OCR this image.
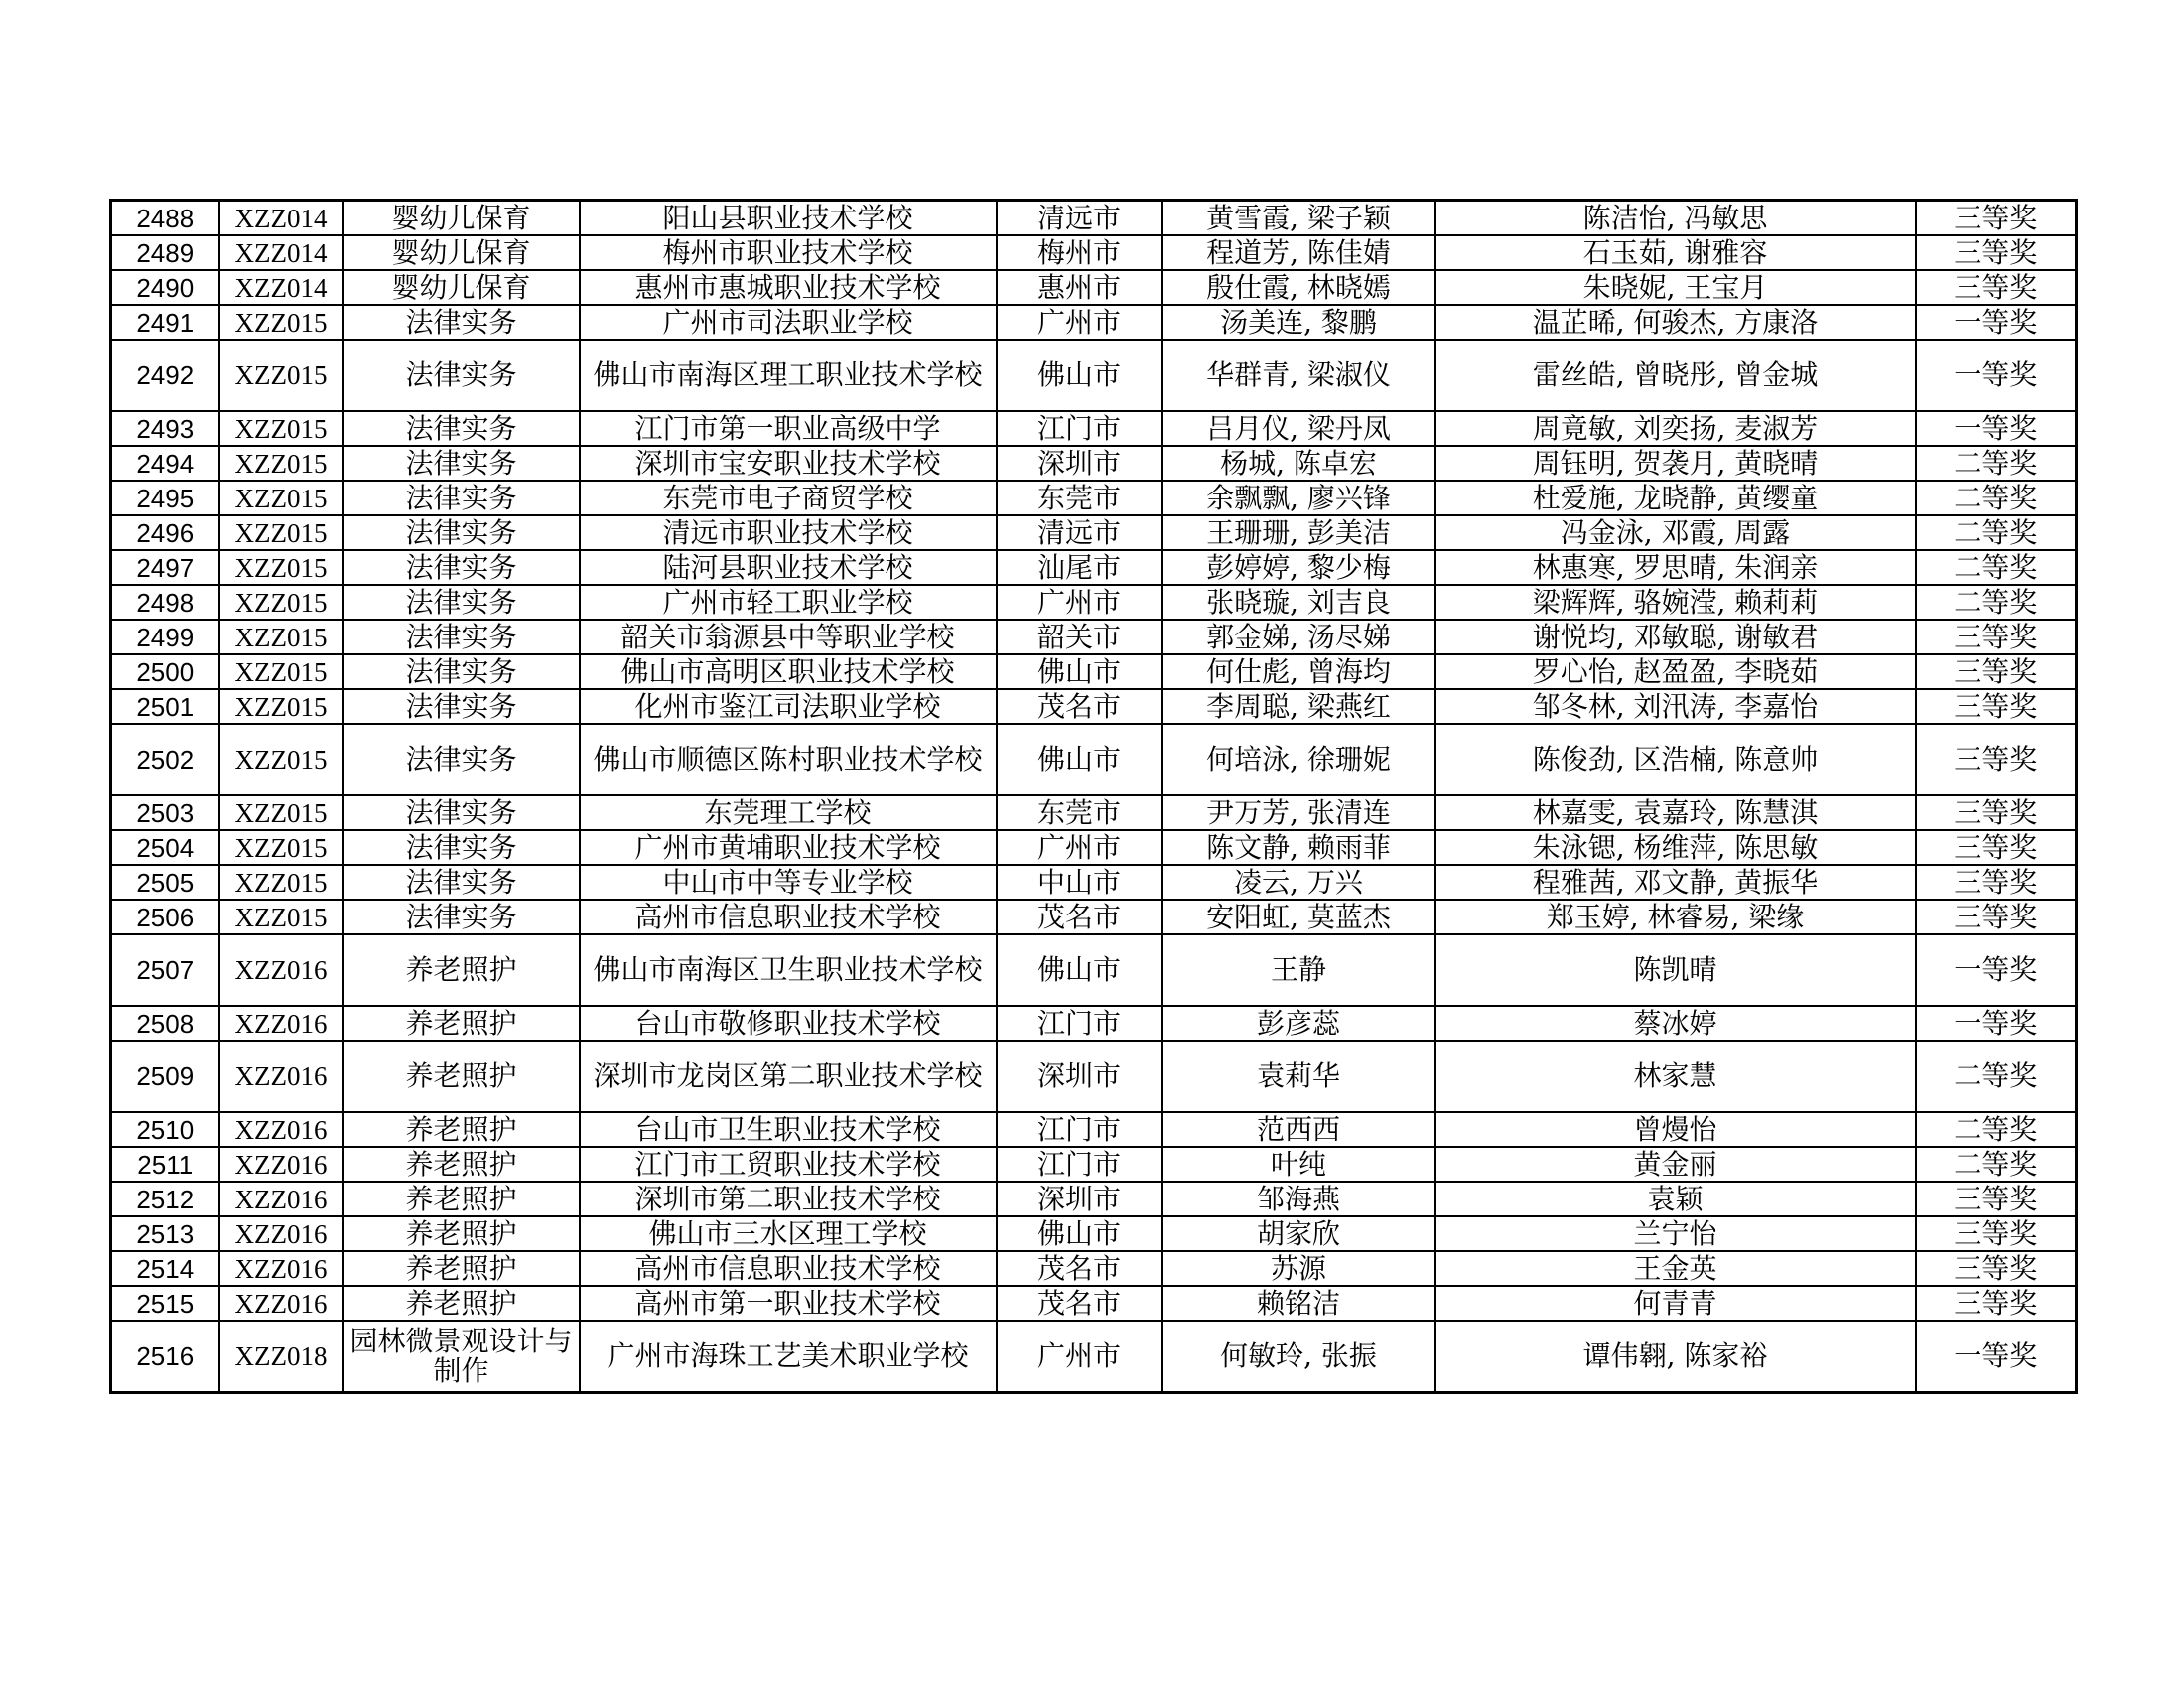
2488	XZZ014	婴幼儿保育	阳山县职业技术学校	清远市	黄雪霞, 梁子颖	陈洁怡, 冯敏思	三等奖
2489	XZZ014	婴幼儿保育	梅州市职业技术学校	梅州市	程道芳, 陈佳婧	石玉茹, 谢雅容	三等奖
2490	XZZ014	婴幼儿保育	惠州市惠城职业技术学校	惠州市	殷仕霞, 林晓嫣	朱晓妮, 王宝月	三等奖
2491	XZZ015	法律实务	广州市司法职业学校	广州市	汤美连, 黎鹏	温芷晞, 何骏杰, 方康洛	一等奖
2492	XZZ015	法律实务	佛山市南海区理工职业技术学校	佛山市	华群青, 梁淑仪	雷丝皓, 曾晓彤, 曾金城	一等奖
2493	XZZ015	法律实务	江门市第一职业高级中学	江门市	吕月仪, 梁丹凤	周竟敏, 刘奕扬, 麦淑芳	一等奖
2494	XZZ015	法律实务	深圳市宝安职业技术学校	深圳市	杨城, 陈卓宏	周钰明, 贺袭月, 黄晓晴	二等奖
2495	XZZ015	法律实务	东莞市电子商贸学校	东莞市	余飘飘, 廖兴锋	杜爱施, 龙晓静, 黄缨童	二等奖
2496	XZZ015	法律实务	清远市职业技术学校	清远市	王珊珊, 彭美洁	冯金泳, 邓霞, 周露	二等奖
2497	XZZ015	法律实务	陆河县职业技术学校	汕尾市	彭婷婷, 黎少梅	林惠寒, 罗思晴, 朱润亲	二等奖
2498	XZZ015	法律实务	广州市轻工职业学校	广州市	张晓璇, 刘吉良	梁辉辉, 骆婉滢, 赖莉莉	二等奖
2499	XZZ015	法律实务	韶关市翁源县中等职业学校	韶关市	郭金娣, 汤尽娣	谢悦均, 邓敏聪, 谢敏君	三等奖
2500	XZZ015	法律实务	佛山市高明区职业技术学校	佛山市	何仕彪, 曾海均	罗心怡, 赵盈盈, 李晓茹	三等奖
2501	XZZ015	法律实务	化州市鉴江司法职业学校	茂名市	李周聪, 梁燕红	邹冬林, 刘汛涛, 李嘉怡	三等奖
2502	XZZ015	法律实务	佛山市顺德区陈村职业技术学校	佛山市	何培泳, 徐珊妮	陈俊劲, 区浩楠, 陈意帅	三等奖
2503	XZZ015	法律实务	东莞理工学校	东莞市	尹万芳, 张清连	林嘉雯, 袁嘉玲, 陈慧淇	三等奖
2504	XZZ015	法律实务	广州市黄埔职业技术学校	广州市	陈文静, 赖雨菲	朱泳锶, 杨维萍, 陈思敏	三等奖
2505	XZZ015	法律实务	中山市中等专业学校	中山市	凌云, 万兴	程雅茜, 邓文静, 黄振华	三等奖
2506	XZZ015	法律实务	高州市信息职业技术学校	茂名市	安阳虹, 莫蓝杰	郑玉婷, 林睿易, 梁缘	三等奖
2507	XZZ016	养老照护	佛山市南海区卫生职业技术学校	佛山市	王静	陈凯晴	一等奖
2508	XZZ016	养老照护	台山市敬修职业技术学校	江门市	彭彦蕊	蔡冰婷	一等奖
2509	XZZ016	养老照护	深圳市龙岗区第二职业技术学校	深圳市	袁莉华	林家慧	二等奖
2510	XZZ016	养老照护	台山市卫生职业技术学校	江门市	范西西	曾熳怡	二等奖
2511	XZZ016	养老照护	江门市工贸职业技术学校	江门市	叶纯	黄金丽	二等奖
2512	XZZ016	养老照护	深圳市第二职业技术学校	深圳市	邹海燕	袁颖	三等奖
2513	XZZ016	养老照护	佛山市三水区理工学校	佛山市	胡家欣	兰宁怡	三等奖
2514	XZZ016	养老照护	高州市信息职业技术学校	茂名市	苏源	王金英	三等奖
2515	XZZ016	养老照护	高州市第一职业技术学校	茂名市	赖铭洁	何青青	三等奖
2516	XZZ018	园林微景观设计与制作	广州市海珠工艺美术职业学校	广州市	何敏玲, 张振	谭伟翱, 陈家裕	一等奖
